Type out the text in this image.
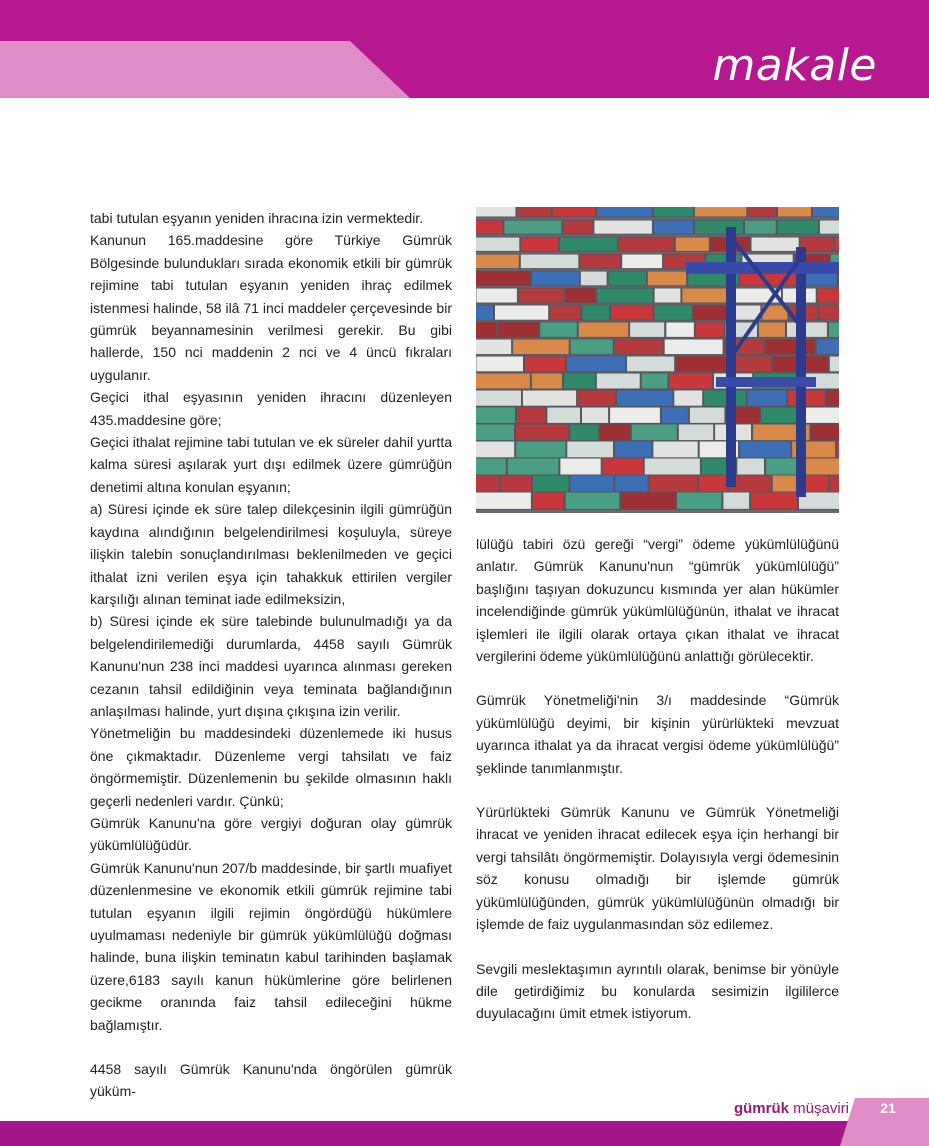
makale

tabi tutulan eşyanın yeniden ihracına izin vermektedir.

Kanunun 165.maddesine göre Türkiye Gümrük Bölgesinde bulundukları sırada ekonomik etkili bir gümrük rejimine tabi tutulan eşyanın yeniden ihraç edilmek istenmesi halinde, 58 ilâ 71 inci maddeler çerçevesinde bir gümrük beyannamesinin verilmesi gerekir. Bu gibi hallerde, 150 nci maddenin 2 nci ve 4 üncü fıkraları uygulanır.

Geçici ithal eşyasının yeniden ihracını düzenleyen 435.maddesine göre;

Geçici ithalat rejimine tabi tutulan ve ek süreler dahil yurtta kalma süresi aşılarak yurt dışı edilmek üzere gümrüğün denetimi altına konulan eşyanın;

a) Süresi içinde ek süre talep dilekçesinin ilgili gümrüğün kaydına alındığının belgelendirilmesi koşuluyla, süreye ilişkin talebin sonuçlandırılması beklenilmeden ve geçici ithalat izni verilen eşya için tahakkuk ettirilen vergiler karşılığı alınan teminat iade edilmeksizin,

b) Süresi içinde ek süre talebinde bulunulmadığı ya da belgelendirilemediği durumlarda, 4458 sayılı Gümrük Kanunu'nun 238 inci maddesi uyarınca alınması gereken cezanın tahsil edildiğinin veya teminata bağlandığının anlaşılması halinde, yurt dışına çıkışına izin verilir.

Yönetmeliğin bu maddesindeki düzenlemede iki husus öne çıkmaktadır. Düzenleme vergi tahsilatı ve faiz öngörmemiştir. Düzenlemenin bu şekilde olmasının haklı geçerli nedenleri vardır. Çünkü;

Gümrük Kanunu'na göre vergiyi doğuran olay gümrük yükümlülüğüdür.

Gümrük Kanunu'nun 207/b maddesinde, bir şartlı muafiyet düzenlenmesine ve ekonomik etkili gümrük rejimine tabi tutulan eşyanın ilgili rejimin öngördüğü hükümlere uyulmaması nedeniyle bir gümrük yükümlülüğü doğması halinde, buna ilişkin teminatın kabul tarihinden başlamak üzere,6183 sayılı kanun hükümlerine göre belirlenen gecikme oranında faiz tahsil edileceğini hükme bağlamıştır.

4458 sayılı Gümrük Kanunu'nda öngörülen gümrük yüküm-

lülüğü tabiri özü gereği “vergi” ödeme yükümlülüğünü anlatır. Gümrük Kanunu'nun “gümrük yükümlülüğü” başlığını taşıyan dokuzuncu kısmında yer alan hükümler incelendiğinde gümrük yükümlülüğünün, ithalat ve ihracat işlemleri ile ilgili olarak ortaya çıkan ithalat ve ihracat vergilerini ödeme yükümlülüğünü anlattığı görülecektir.

Gümrük Yönetmeliği'nin 3/ı maddesinde “Gümrük yükümlülüğü deyimi, bir kişinin yürürlükteki mevzuat uyarınca ithalat ya da ihracat vergisi ödeme yükümlülüğü” şeklinde tanımlanmıştır.

Yürürlükteki Gümrük Kanunu ve Gümrük Yönetmeliği ihracat ve yeniden ihracat edilecek eşya için herhangi bir vergi tahsilâtı öngörmemiştir. Dolayısıyla vergi ödemesinin söz konusu olmadığı bir işlemde gümrük yükümlülüğünden, gümrük yükümlülüğünün olmadığı bir işlemde de faiz uygulanmasından söz edilemez.

Sevgili meslektaşımın ayrıntılı olarak, benimse bir yönüyle dile getirdiğimiz bu konularda sesimizin ilgililerce duyulacağını ümit etmek istiyorum.

gümrük müşaviri	21
